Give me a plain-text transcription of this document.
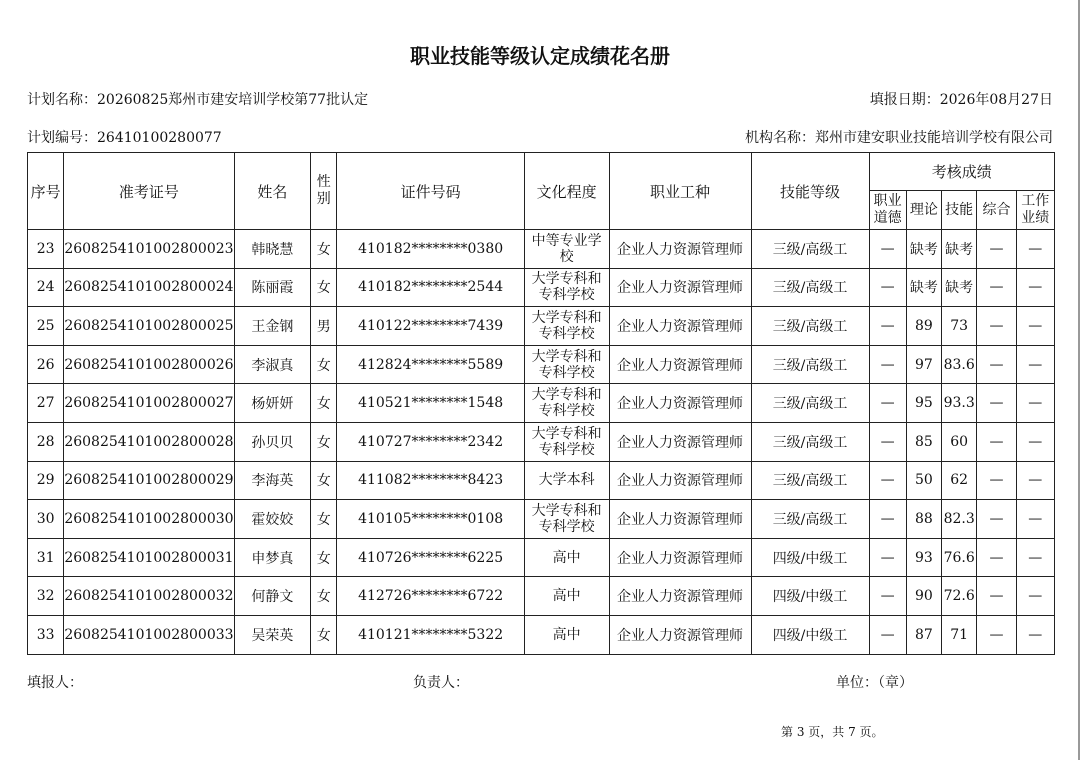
职业技能等级认定成绩花名册
计划名称：20260825郑州市建安培训学校第77批认定	填报日期：2026年08月27日
计划编号：26410100280077	机构名称：郑州市建安职业技能培训学校有限公司
序号	准考证号	姓名	性别	证件号码	文化程度	职业工种	技能等级	考核成绩				
								职业道德	理论	技能	综合	工作业绩
23	2608254101002800023	韩晓慧	女	410182********0380	中等专业学校	企业人力资源管理师	三级/高级工	—	缺考	缺考	—	—
24	2608254101002800024	陈丽霞	女	410182********2544	大学专科和专科学校	企业人力资源管理师	三级/高级工	—	缺考	缺考	—	—
25	2608254101002800025	王金钢	男	410122********7439	大学专科和专科学校	企业人力资源管理师	三级/高级工	—	89	73	—	—
26	2608254101002800026	李淑真	女	412824********5589	大学专科和专科学校	企业人力资源管理师	三级/高级工	—	97	83.6	—	—
27	2608254101002800027	杨妍妍	女	410521********1548	大学专科和专科学校	企业人力资源管理师	三级/高级工	—	95	93.3	—	—
28	2608254101002800028	孙贝贝	女	410727********2342	大学专科和专科学校	企业人力资源管理师	三级/高级工	—	85	60	—	—
29	2608254101002800029	李海英	女	411082********8423	大学本科	企业人力资源管理师	三级/高级工	—	50	62	—	—
30	2608254101002800030	霍姣姣	女	410105********0108	大学专科和专科学校	企业人力资源管理师	三级/高级工	—	88	82.3	—	—
31	2608254101002800031	申梦真	女	410726********6225	高中	企业人力资源管理师	四级/中级工	—	93	76.6	—	—
32	2608254101002800032	何静文	女	412726********6722	高中	企业人力资源管理师	四级/中级工	—	90	72.6	—	—
33	2608254101002800033	吴荣英	女	410121********5322	高中	企业人力资源管理师	四级/中级工	—	87	71	—	—
填报人：	负责人：	单位：（章）
第 3 页，共 7 页。
